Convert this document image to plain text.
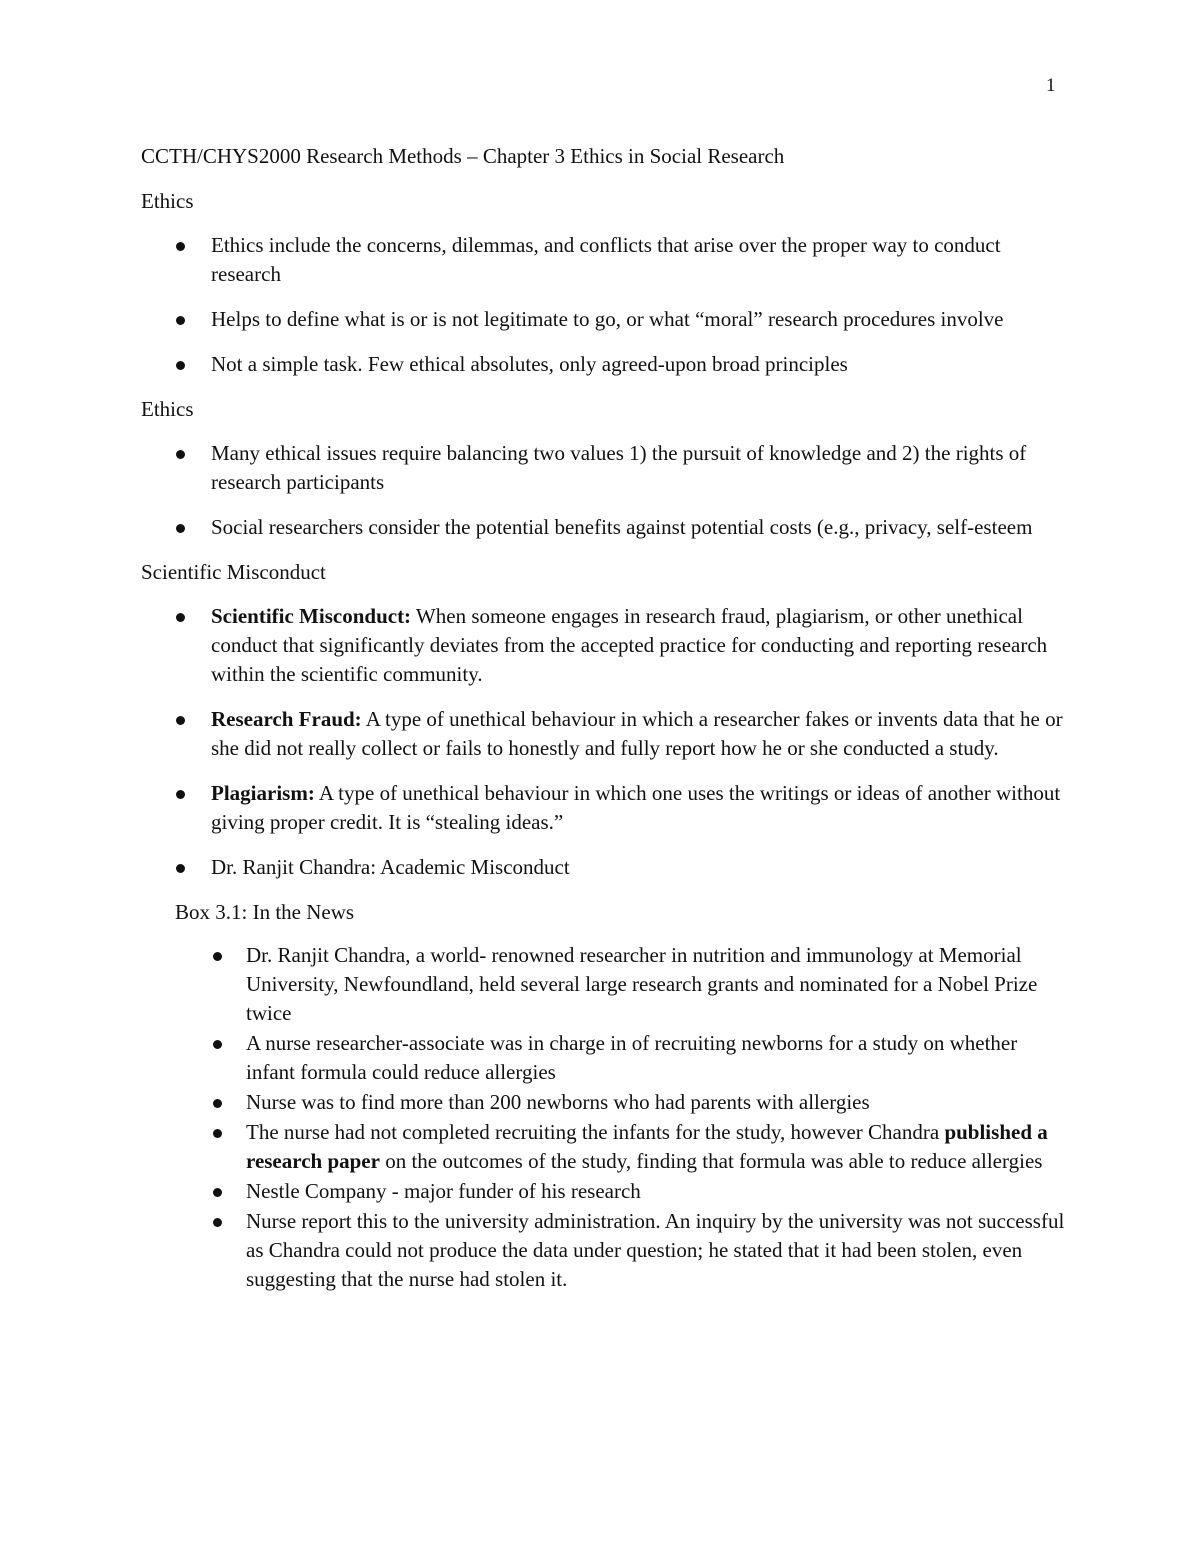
1
CCTH/CHYS2000 Research Methods – Chapter 3 Ethics in Social Research
Ethics
Ethics include the concerns, dilemmas, and conflicts that arise over the proper way to conduct research
Helps to define what is or is not legitimate to go, or what “moral” research procedures involve
Not a simple task. Few ethical absolutes, only agreed-upon broad principles
Ethics
Many ethical issues require balancing two values 1) the pursuit of knowledge and 2) the rights of research participants
Social researchers consider the potential benefits against potential costs (e.g., privacy, self-esteem
Scientific Misconduct
Scientific Misconduct: When someone engages in research fraud, plagiarism, or other unethical conduct that significantly deviates from the accepted practice for conducting and reporting research within the scientific community.
Research Fraud: A type of unethical behaviour in which a researcher fakes or invents data that he or she did not really collect or fails to honestly and fully report how he or she conducted a study.
Plagiarism: A type of unethical behaviour in which one uses the writings or ideas of another without giving proper credit. It is “stealing ideas.”
Dr. Ranjit Chandra: Academic Misconduct
Box 3.1: In the News
Dr. Ranjit Chandra, a world- renowned researcher in nutrition and immunology at Memorial University, Newfoundland, held several large research grants and nominated for a Nobel Prize twice
A nurse researcher-associate was in charge in of recruiting newborns for a study on whether infant formula could reduce allergies
Nurse was to find more than 200 newborns who had parents with allergies
The nurse had not completed recruiting the infants for the study, however Chandra published a research paper on the outcomes of the study, finding that formula was able to reduce allergies
Nestle Company - major funder of his research
Nurse report this to the university administration. An inquiry by the university was not successful as Chandra could not produce the data under question; he stated that it had been stolen, even suggesting that the nurse had stolen it.
